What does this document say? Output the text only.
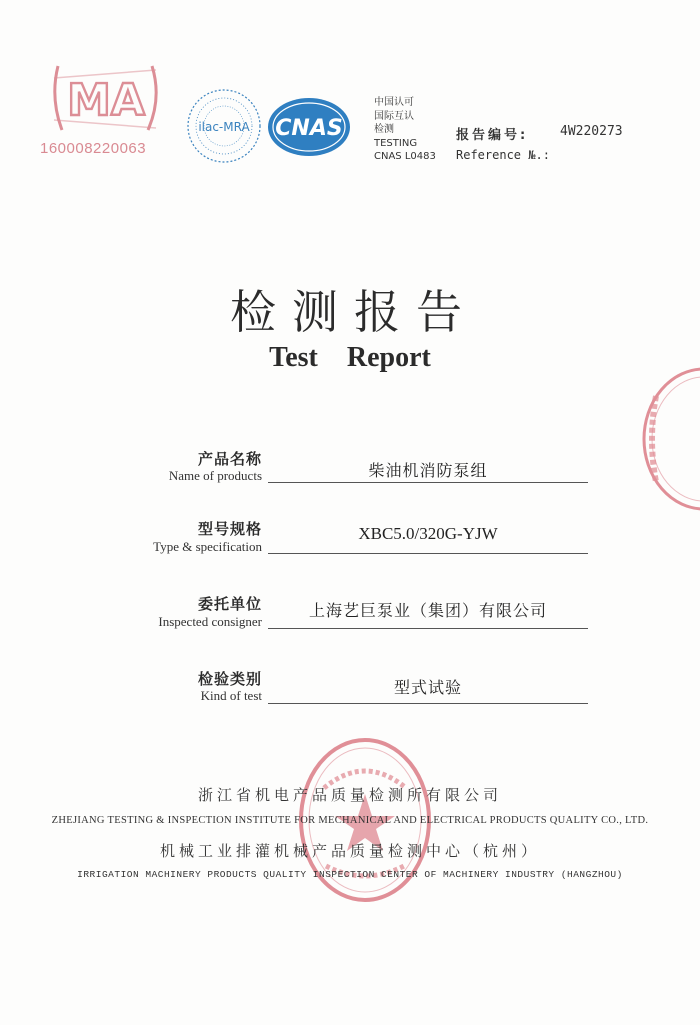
MA
160008220063
ilac-MRA CNAS
中国认可
国际互认
检测
TESTING
CNAS L0483
报告编号: 4W220273
Reference №.:
检测报告
Test Report
产品名称
Name of products	柴油机消防泵组
型号规格
Type & specification
XBC5.0/320G-YJW
委托单位
Inspected consigner
上海艺巨泵业（集团）有限公司
检验类别
Kind of test	型式试验
浙江省机电产品质量检测所有限公司
ZHEJIANG TESTING & INSPECTION INSTITUTE FOR MECHANICAL AND ELECTRICAL PRODUCTS QUALITY CO., LTD.
机械工业排灌机械产品质量检测中心（杭州）
IRRIGATION MACHINERY PRODUCTS QUALITY INSPECTION CENTER OF MACHINERY INDUSTRY (HANGZHOU)
